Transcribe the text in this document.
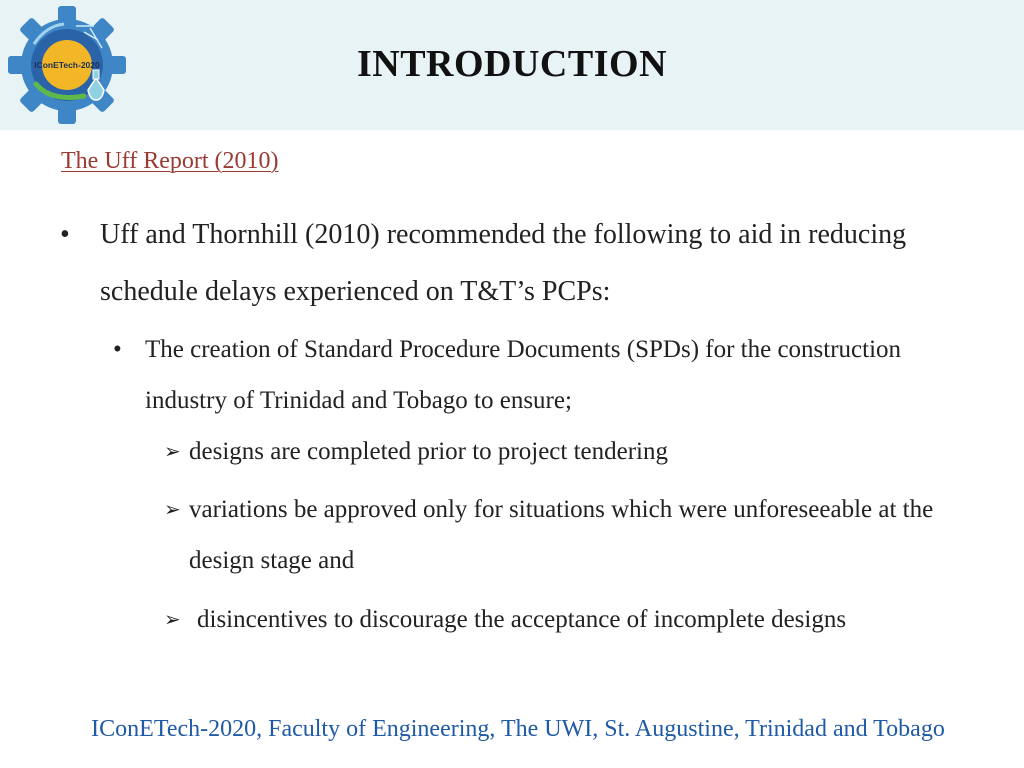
IConETech-2020	INTRODUCTION
The Uff Report (2010)
•	Uff and Thornhill (2010) recommended the following to aid in reducing schedule delays experienced on T&T’s PCPs:
• The creation of Standard Procedure Documents (SPDs) for the construction industry of Trinidad and Tobago to ensure;
➢ designs are completed prior to project tendering
➢ variations be approved only for situations which were unforeseeable at the design stage and
➢ disincentives to discourage the acceptance of incomplete designs
IConETech-2020, Faculty of Engineering, The UWI, St. Augustine, Trinidad and Tobago
